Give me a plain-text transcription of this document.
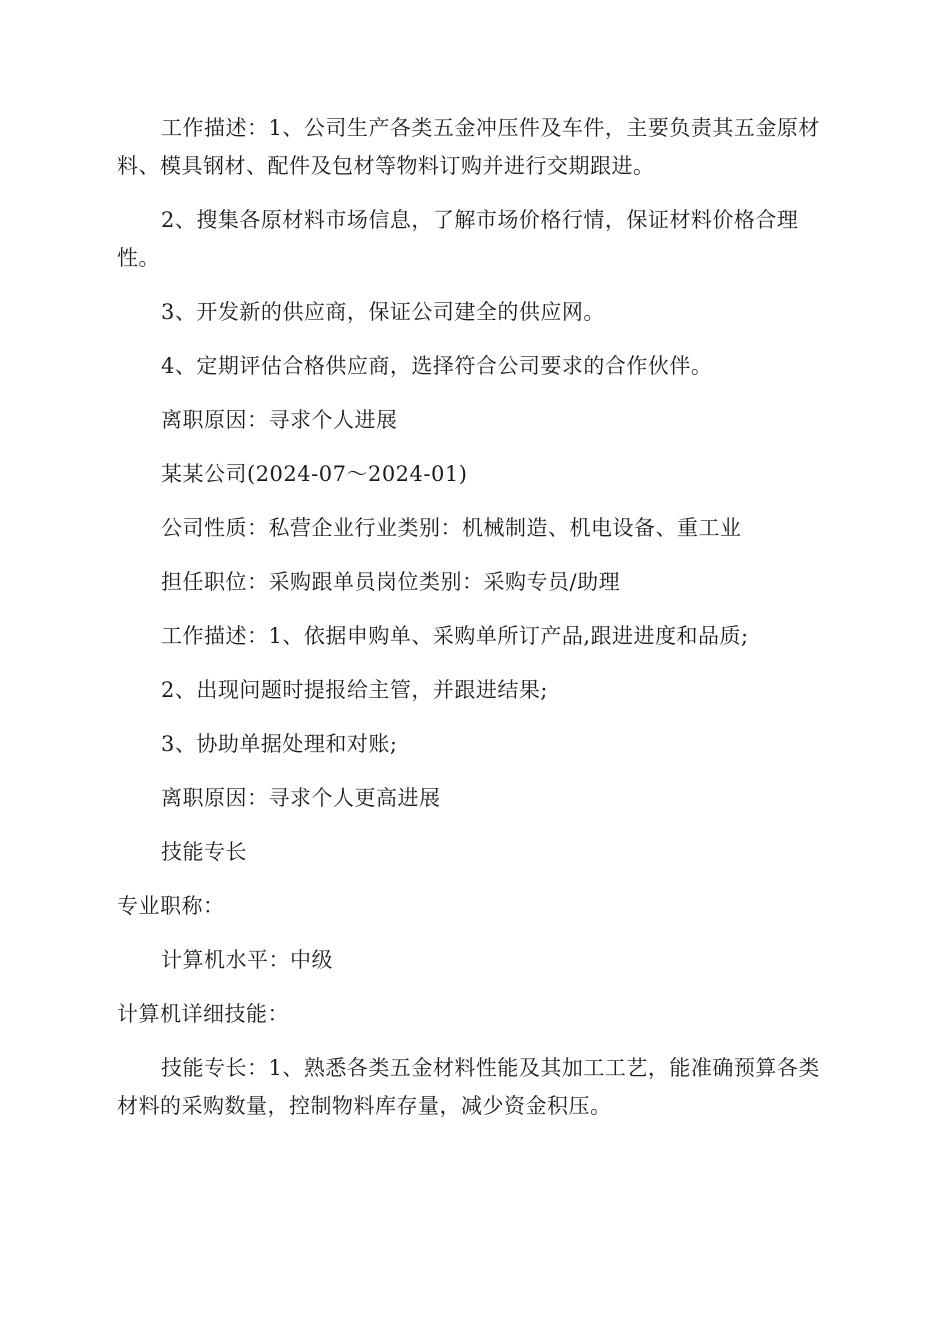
工作描述：1、公司生产各类五金冲压件及车件，主要负责其五金原材料、模具钢材、配件及包材等物料订购并进行交期跟进。

2、搜集各原材料市场信息，了解市场价格行情，保证材料价格合理性。

3、开发新的供应商，保证公司建全的供应网。

4、定期评估合格供应商，选择符合公司要求的合作伙伴。

离职原因：寻求个人进展

某某公司(2024-07～2024-01)

公司性质：私营企业行业类别：机械制造、机电设备、重工业

担任职位：采购跟单员岗位类别：采购专员/助理

工作描述：1、依据申购单、采购单所订产品,跟进进度和品质;

2、出现问题时提报给主管，并跟进结果;

3、协助单据处理和对账;

离职原因：寻求个人更高进展

技能专长

专业职称：

计算机水平：中级

计算机详细技能：

技能专长：1、熟悉各类五金材料性能及其加工工艺，能准确预算各类材料的采购数量，控制物料库存量，减少资金积压。
